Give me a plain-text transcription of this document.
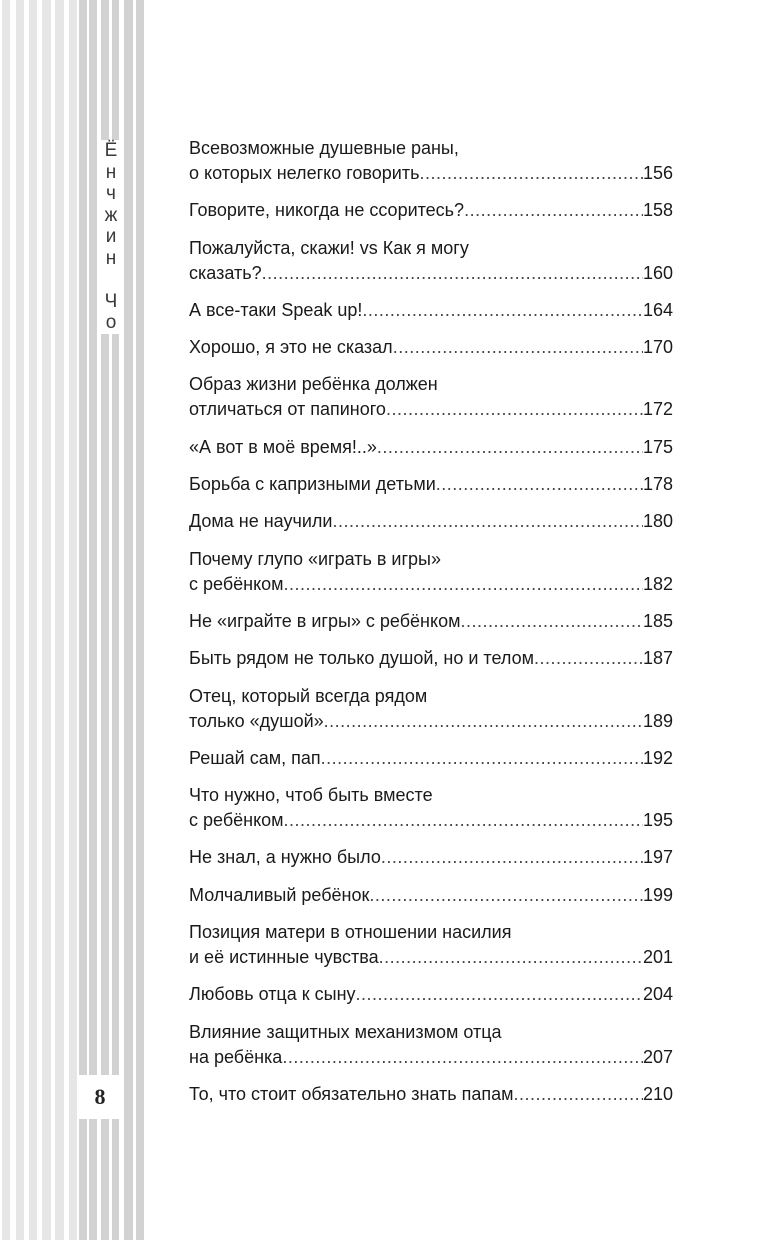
Ё
н
ч
ж
и
н

Ч
о
8
Всевозможные душевные раны,
о которых нелегко говорить .....	156
Говорите, никогда не ссоритесь? .....	158
Пожалуйста, скажи! vs Как я могу
сказать? .....	160
А все-таки Speak up! .....	164
Хорошо, я это не сказал .....	170
Образ жизни ребёнка должен
отличаться от папиного .....	172
«А вот в моё время!..» .....	175
Борьба с капризными детьми .....	178
Дома не научили .....	180
Почему глупо «играть в игры»
с ребёнком .....	182
Не «играйте в игры» с ребёнком .....	185
Быть рядом не только душой, но и телом .....	187
Отец, который всегда рядом
только «душой» .....	189
Решай сам, пап .....	192
Что нужно, чтоб быть вместе
с ребёнком .....	195
Не знал, а нужно было .....	197
Молчаливый ребёнок .....	199
Позиция матери в отношении насилия
и её истинные чувства .....	201
Любовь отца к сыну .....	204
Влияние защитных механизмом отца
на ребёнка .....	207
То, что стоит обязательно знать папам .....	210
